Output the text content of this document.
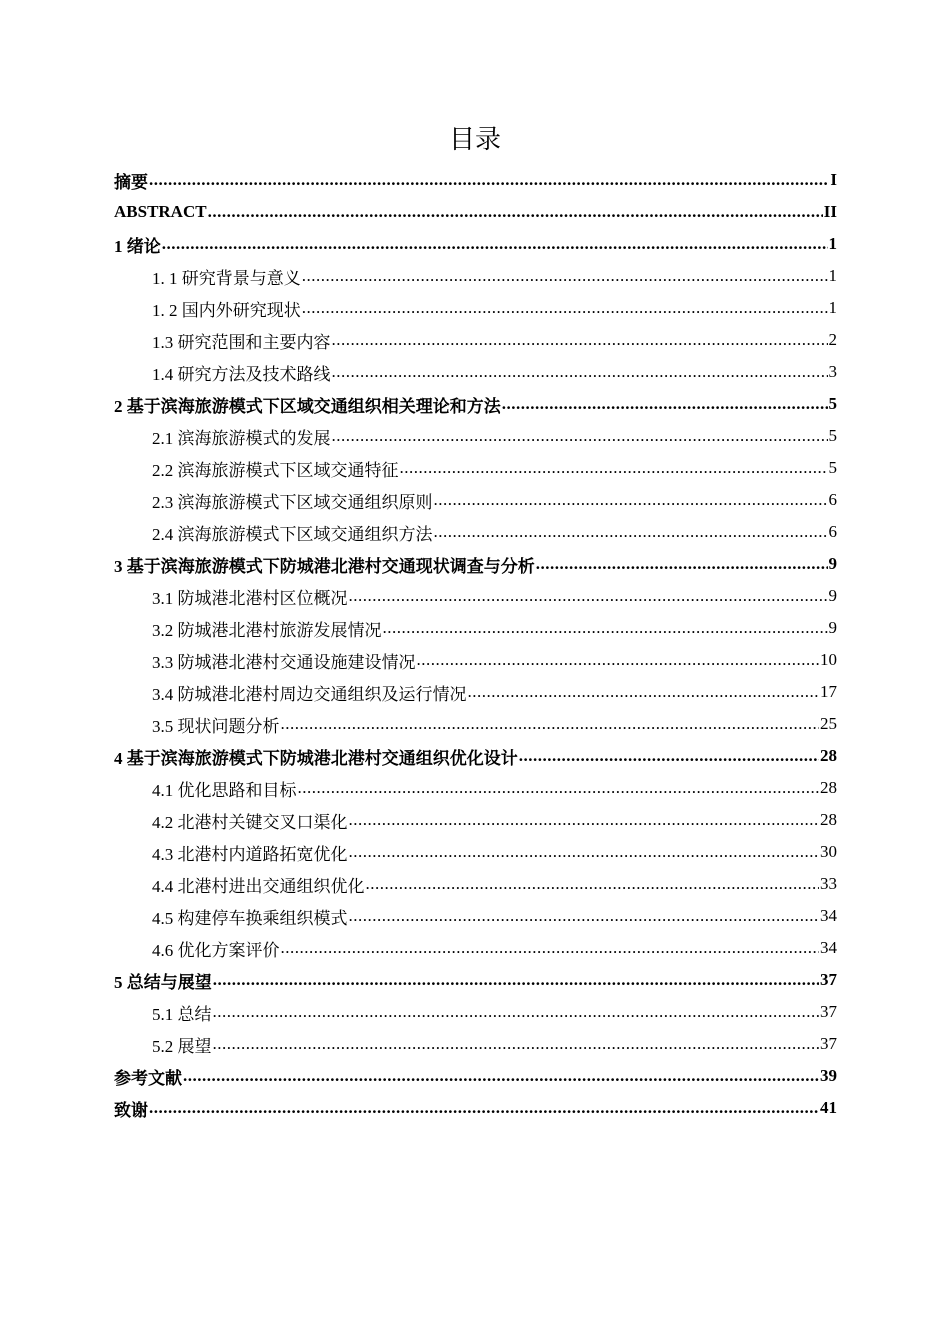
目录
摘要 .....	I
ABSTRACT .....	II
1 绪论 .....	1
1. 1 研究背景与意义 .....	1
1. 2 国内外研究现状 .....	1
1.3 研究范围和主要内容 .....	2
1.4 研究方法及技术路线 .....	3
2 基于滨海旅游模式下区域交通组织相关理论和方法 .....	5
2.1 滨海旅游模式的发展 .....	5
2.2 滨海旅游模式下区域交通特征 .....	5
2.3 滨海旅游模式下区域交通组织原则 .....	6
2.4 滨海旅游模式下区域交通组织方法 .....	6
3 基于滨海旅游模式下防城港北港村交通现状调查与分析 .....	9
3.1 防城港北港村区位概况 .....	9
3.2 防城港北港村旅游发展情况 .....	9
3.3 防城港北港村交通设施建设情况 .....	10
3.4 防城港北港村周边交通组织及运行情况 .....	17
3.5 现状问题分析 .....	25
4 基于滨海旅游模式下防城港北港村交通组织优化设计 .....	28
4.1 优化思路和目标 .....	28
4.2 北港村关键交叉口渠化 .....	28
4.3 北港村内道路拓宽优化 .....	30
4.4 北港村进出交通组织优化 .....	33
4.5 构建停车换乘组织模式 .....	34
4.6 优化方案评价 .....	34
5 总结与展望 .....	37
5.1 总结 .....	37
5.2 展望 .....	37
参考文献 .....	39
致谢 .....	41
